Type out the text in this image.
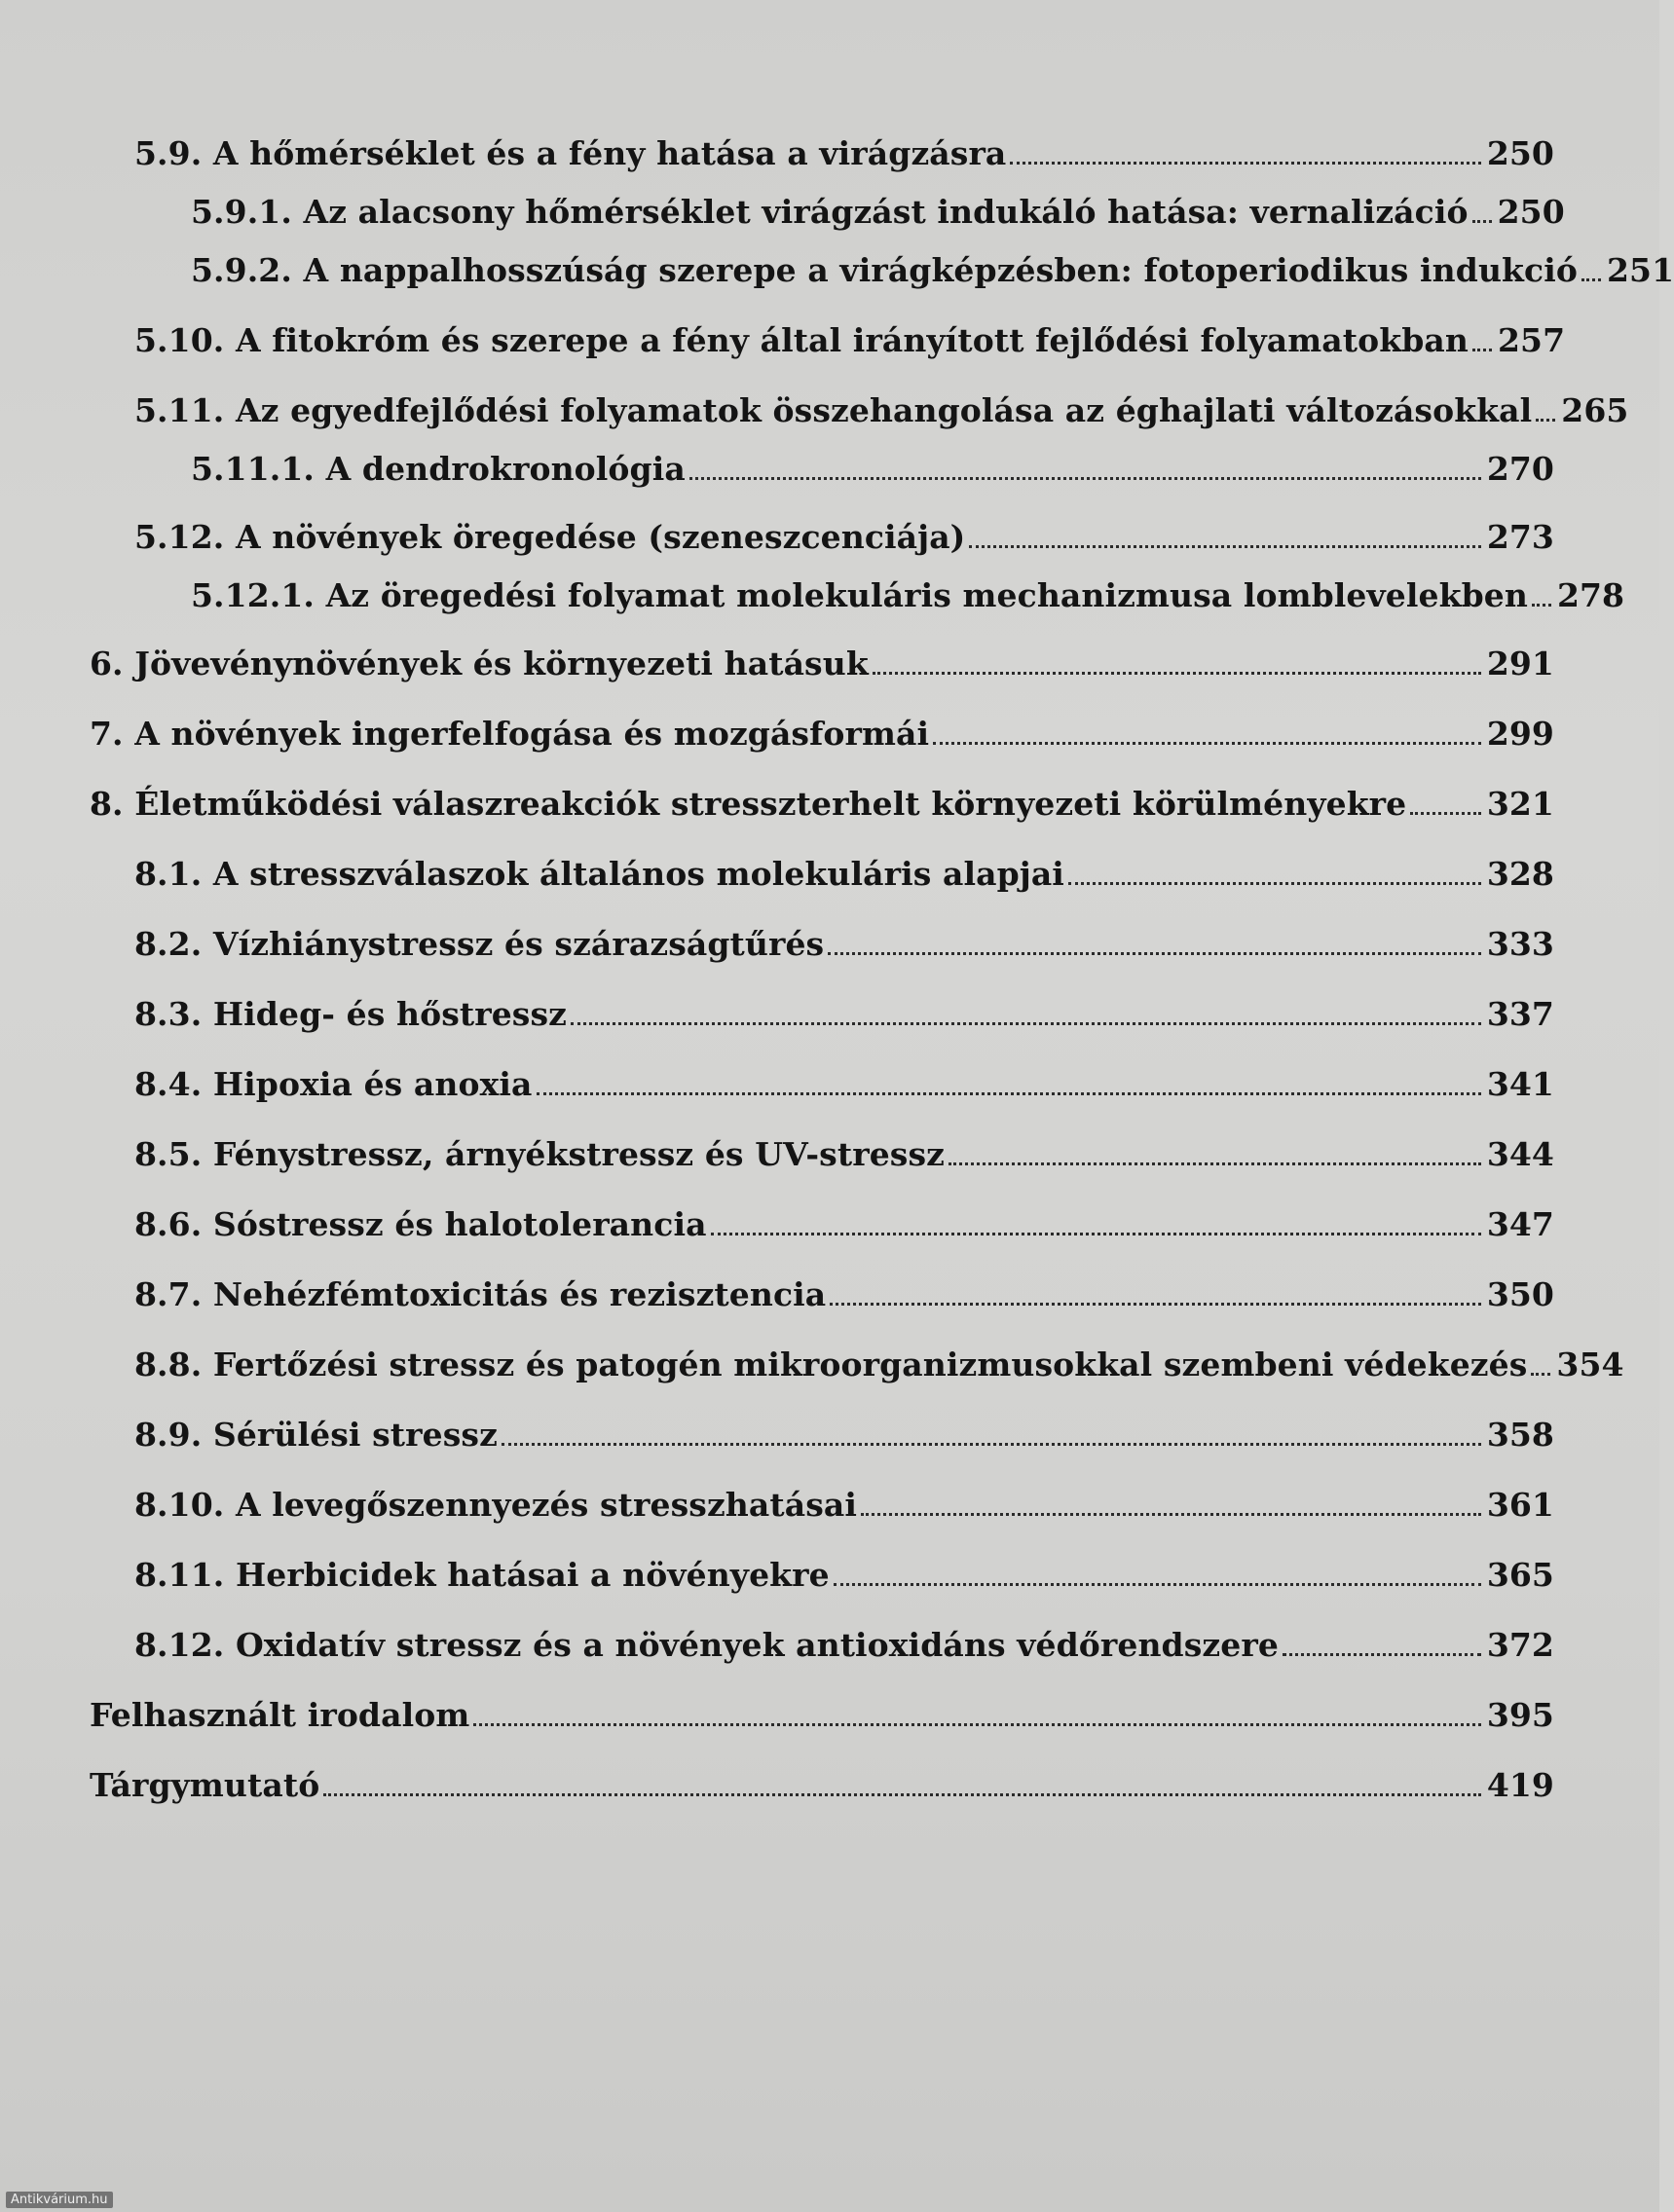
5.9. A hőmérséklet és a fény hatása a virágzásra	250
5.9.1. Az alacsony hőmérséklet virágzást indukáló hatása: vernalizáció 250
5.9.2. A nappalhosszúság szerepe a virágképzésben: fotoperiodikus indukció 251
5.10. A fitokróm és szerepe a fény által irányított fejlődési folyamatokban 257
5.11. Az egyedfejlődési folyamatok összehangolása az éghajlati változásokkal 265
5.11.1. A dendrokronológia	270
5.12. A növények öregedése (szeneszcenciája)	273
5.12.1. Az öregedési folyamat molekuláris mechanizmusa lomblevelekben 278
6. Jövevénynövények és környezeti hatásuk	291
7. A növények ingerfelfogása és mozgásformái	299
8. Életműködési válaszreakciók stresszterhelt környezeti körülményekre	321
8.1. A stresszválaszok általános molekuláris alapjai	328
8.2. Vízhiánystressz és szárazságtűrés	333
8.3. Hideg- és hőstressz	337
8.4. Hipoxia és anoxia	341
8.5. Fénystressz, árnyékstressz és UV-stressz	344
8.6. Sóstressz és halotolerancia	347
8.7. Nehézfémtoxicitás és rezisztencia	350
8.8. Fertőzési stressz és patogén mikroorganizmusokkal szembeni védekezés 354
8.9. Sérülési stressz	358
8.10. A levegőszennyezés stresszhatásai	361
8.11. Herbicidek hatásai a növényekre	365
8.12. Oxidatív stressz és a növények antioxidáns védőrendszere	372
Felhasznált irodalom	395
Tárgymutató	419
Antikvárium.hu
